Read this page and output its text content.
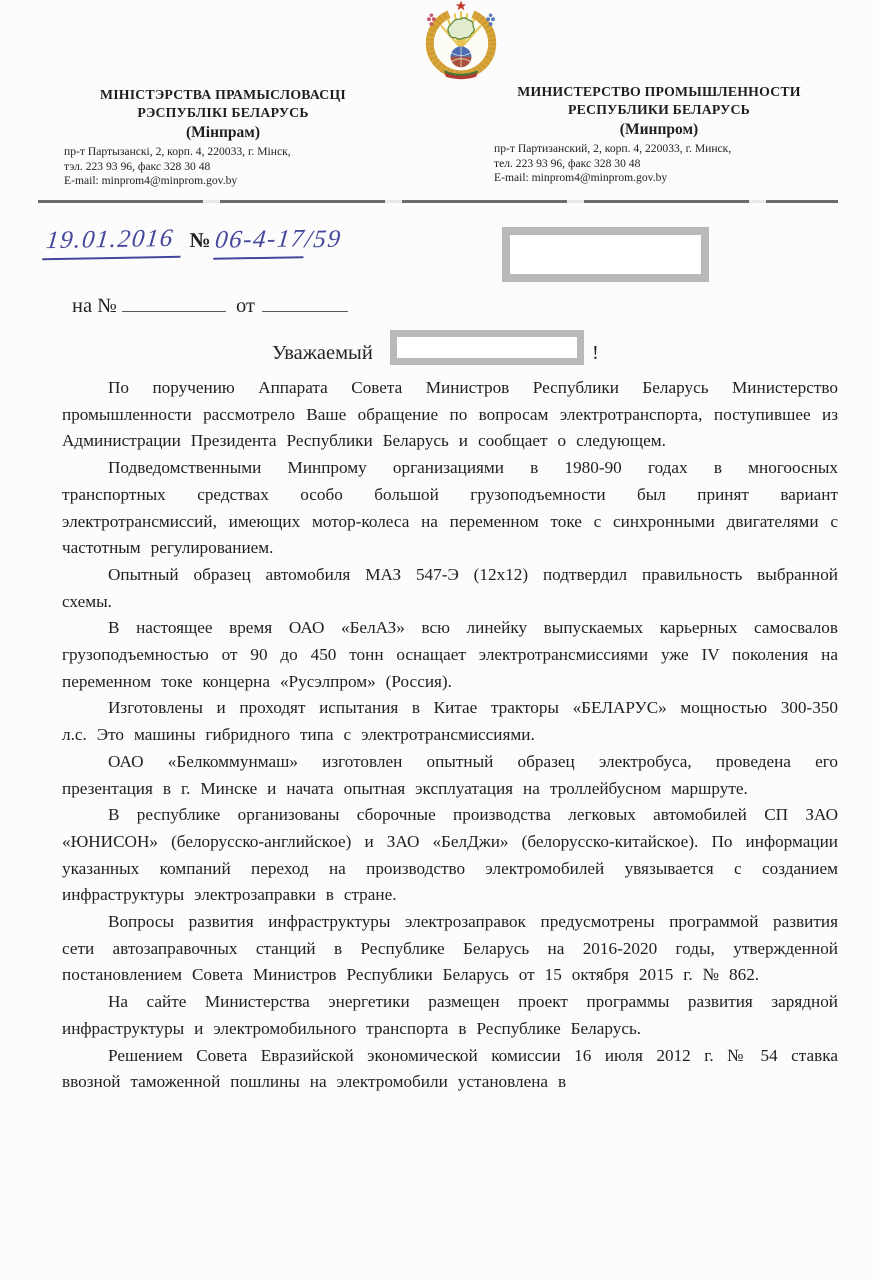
МІНІСТЭРСТВА ПРАМЫСЛОВАСЦІ
РЭСПУБЛІКІ БЕЛАРУСЬ
(Мінпрам)
пр-т Партызанскі, 2, корп. 4, 220033, г. Мінск,
тэл. 223 93 96, факс 328 30 48
E-mail: minprom4@minprom.gov.by
МИНИСТЕРСТВО ПРОМЫШЛЕННОСТИ
РЕСПУБЛИКИ БЕЛАРУСЬ
(Минпром)
пр-т Партизанский, 2, корп. 4, 220033, г. Минск,
тел. 223 93 96, факс 328 30 48
E-mail: minprom4@minprom.gov.by
19.01.2016 № 06-4-17
/59
на №	от
Уважаемый	!

По поручению Аппарата Совета Министров Республики Беларусь Министерство промышленности рассмотрело Ваше обращение по вопросам электротранспорта, поступившее из Администрации Президента Республики Беларусь и сообщает о следующем.

Подведомственными Минпрому организациями в 1980-90 годах в многоосных транспортных средствах особо большой грузоподъемности был принят вариант электротрансмиссий, имеющих мотор-колеса на переменном токе с синхронными двигателями с частотным регулированием.

Опытный образец автомобиля МАЗ 547-Э (12х12) подтвердил правильность выбранной схемы.

В настоящее время ОАО «БелАЗ» всю линейку выпускаемых карьерных самосвалов грузоподъемностью от 90 до 450 тонн оснащает электротрансмиссиями уже IV поколения на переменном токе концерна «Русэлпром» (Россия).

Изготовлены и проходят испытания в Китае тракторы «БЕЛАРУС» мощностью 300-350 л.с. Это машины гибридного типа с электротрансмиссиями.

ОАО «Белкоммунмаш» изготовлен опытный образец электробуса, проведена его презентация в г. Минске и начата опытная эксплуатация на троллейбусном маршруте.

В республике организованы сборочные производства легковых автомобилей СП ЗАО «ЮНИСОН» (белорусско-английское) и ЗАО «БелДжи» (белорусско-китайское). По информации указанных компаний переход на производство электромобилей увязывается с созданием инфраструктуры электрозаправки в стране.

Вопросы развития инфраструктуры электрозаправок предусмотрены программой развития сети автозаправочных станций в Республике Беларусь на 2016-2020 годы, утвержденной постановлением Совета Министров Республики Беларусь от 15 октября 2015 г. № 862.

На сайте Министерства энергетики размещен проект программы развития зарядной инфраструктуры и электромобильного транспорта в Республике Беларусь.

Решением Совета Евразийской экономической комиссии 16 июля 2012 г. № 54 ставка ввозной таможенной пошлины на электромобили установлена в
